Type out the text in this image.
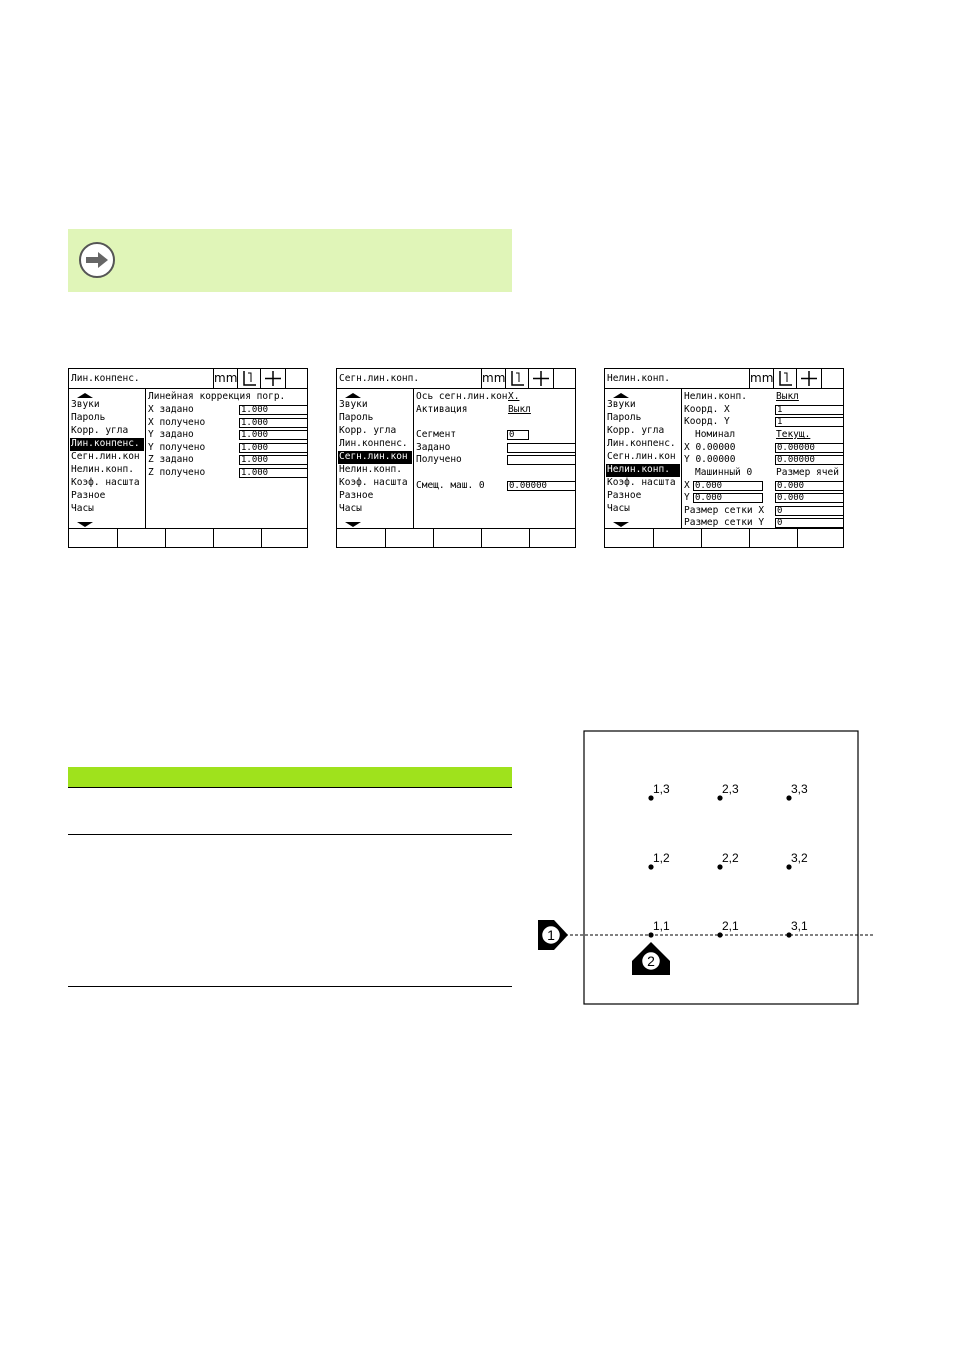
Лин.конпенс.	mm
Звуки
Пароль
Корр. угла
Лин.конпенс.
Сегн.лин.кон
Нелин.конп.
Коэф. насшта
Разное
Часы
Линейная коррекция погр.
X задано	1.000
X получено	1.000
Y задано	1.000
Y получено	1.000
Z задано	1.000
Z получено	1.000
Сегн.лин.конп.	mm
Звуки
Пароль
Корр. угла
Лин.конпенс.
Сегн.лин.кон
Нелин.конп.
Коэф. насшта
Разное
Часы
Ось сегн.лин.кон X.
Активация	Выкл
Сегмент	0
Задано
Получено
Смещ. маш. 0	0.00000
Нелин.конп.	mm
Звуки
Пароль
Корр. угла
Лин.конпенс.
Сегн.лин.кон
Нелин.конп.
Коэф. насшта
Разное
Часы
Нелин.конп.	Выкл
Коорд. X	1
Коорд. Y	1
Номинал	Текущ.
X 0.00000	0.00000
Y 0.00000	0.00000
Машинный 0	Размер ячей
X 0.000	0.000
Y 0.000	0.000
Размер сетки X 0
Размер сетки Y 0
1,3	2,3	3,3
1,2	2,2	3,2
1,1	2,1	3,1
1
2
